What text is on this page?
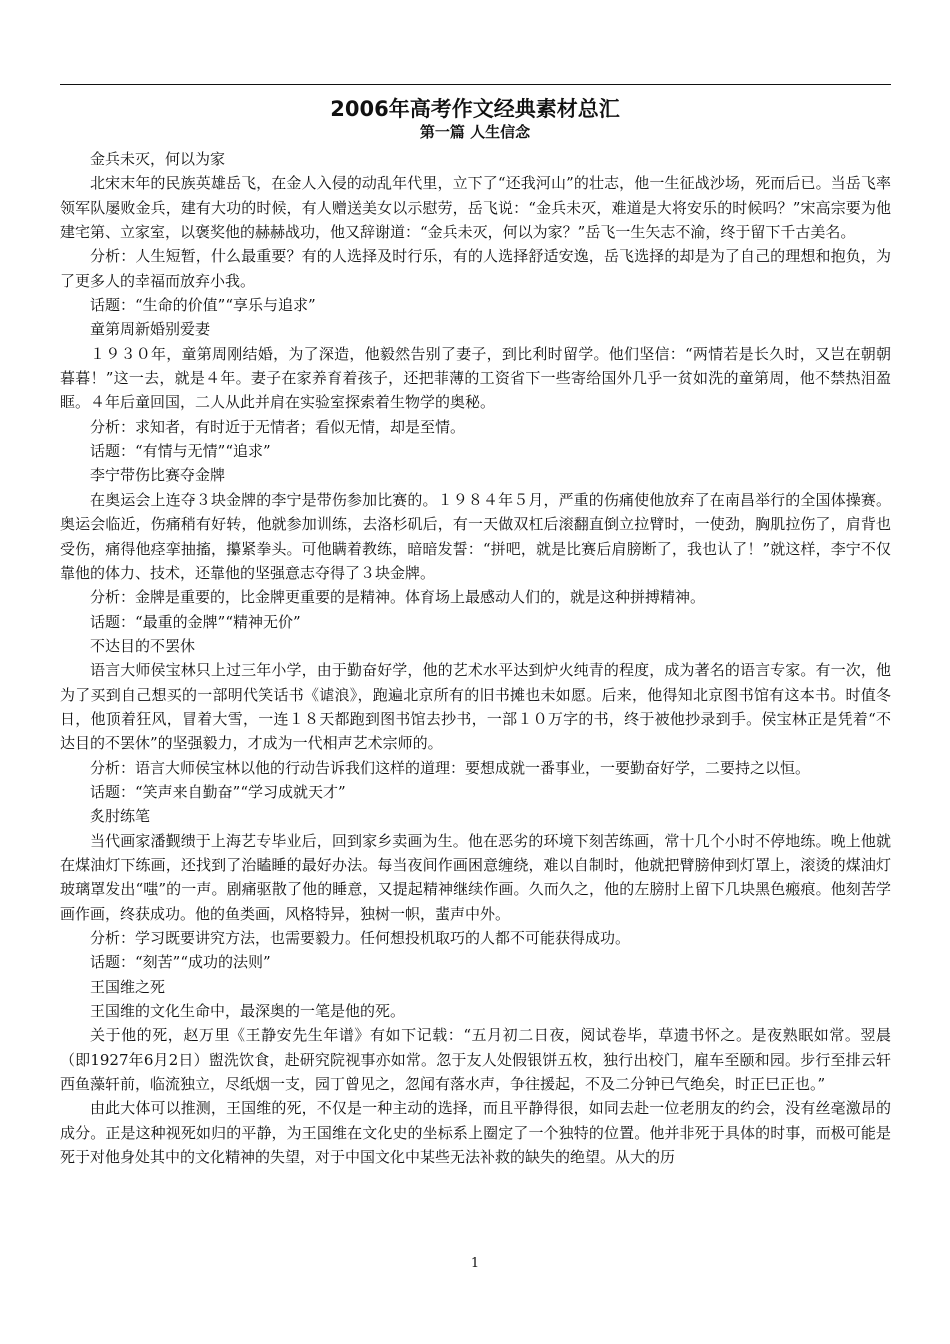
2006年高考作文经典素材总汇
第一篇 人生信念

金兵未灭，何以为家

北宋末年的民族英雄岳飞，在金人入侵的动乱年代里，立下了“还我河山”的壮志，他一生征战沙场，死而后已。当岳飞率领军队屡败金兵，建有大功的时候，有人赠送美女以示慰劳，岳飞说：“金兵未灭，难道是大将安乐的时候吗？”宋高宗要为他建宅第、立家室，以褒奖他的赫赫战功，他又辞谢道：“金兵未灭，何以为家？”岳飞一生矢志不渝，终于留下千古美名。

分析：人生短暂，什么最重要？有的人选择及时行乐，有的人选择舒适安逸，岳飞选择的却是为了自己的理想和抱负，为了更多人的幸福而放弃小我。

话题：“生命的价值”“享乐与追求”

童第周新婚别爱妻

１９３０年，童第周刚结婚，为了深造，他毅然告别了妻子，到比利时留学。他们坚信：“两情若是长久时，又岂在朝朝暮暮！”这一去，就是４年。妻子在家养育着孩子，还把菲薄的工资省下一些寄给国外几乎一贫如洗的童第周，他不禁热泪盈眶。４年后童回国，二人从此并肩在实验室探索着生物学的奥秘。

分析：求知者，有时近于无情者；看似无情，却是至情。

话题：“有情与无情”“追求”

李宁带伤比赛夺金牌

在奥运会上连夺３块金牌的李宁是带伤参加比赛的。１９８４年５月，严重的伤痛使他放弃了在南昌举行的全国体操赛。奥运会临近，伤痛稍有好转，他就参加训练，去洛杉矶后，有一天做双杠后滚翻直倒立拉臂时，一使劲，胸肌拉伤了，肩背也受伤，痛得他痉挛抽搐，攥紧拳头。可他瞒着教练，暗暗发誓：“拼吧，就是比赛后肩膀断了，我也认了！”就这样，李宁不仅靠他的体力、技术，还靠他的坚强意志夺得了３块金牌。

分析：金牌是重要的，比金牌更重要的是精神。体育场上最感动人们的，就是这种拼搏精神。

话题：“最重的金牌”“精神无价”

不达目的不罢休

语言大师侯宝林只上过三年小学，由于勤奋好学，他的艺术水平达到炉火纯青的程度，成为著名的语言专家。有一次，他为了买到自己想买的一部明代笑话书《谑浪》，跑遍北京所有的旧书摊也未如愿。后来，他得知北京图书馆有这本书。时值冬日，他顶着狂风，冒着大雪，一连１８天都跑到图书馆去抄书，一部１０万字的书，终于被他抄录到手。侯宝林正是凭着“不达目的不罢休”的坚强毅力，才成为一代相声艺术宗师的。

分析：语言大师侯宝林以他的行动告诉我们这样的道理：要想成就一番事业，一要勤奋好学，二要持之以恒。

话题：“笑声来自勤奋”“学习成就天才”

炙肘练笔

当代画家潘觐缋于上海艺专毕业后，回到家乡卖画为生。他在恶劣的环境下刻苦练画，常十几个小时不停地练。晚上他就在煤油灯下练画，还找到了治瞌睡的最好办法。每当夜间作画困意缠绕，难以自制时，他就把臂膀伸到灯罩上，滚烫的煤油灯玻璃罩发出“嗤”的一声。剧痛驱散了他的睡意，又提起精神继续作画。久而久之，他的左膀肘上留下几块黑色瘢痕。他刻苦学画作画，终获成功。他的鱼类画，风格特异，独树一帜，蜚声中外。

分析：学习既要讲究方法，也需要毅力。任何想投机取巧的人都不可能获得成功。

话题：“刻苦”“成功的法则”

王国维之死

王国维的文化生命中，最深奥的一笔是他的死。

关于他的死，赵万里《王静安先生年谱》有如下记载：“五月初二日夜，阅试卷毕，草遗书怀之。是夜熟眠如常。翌晨（即1927年6月2日）盥洗饮食，赴研究院视事亦如常。忽于友人处假银饼五枚，独行出校门，雇车至颐和园。步行至排云轩西鱼藻轩前，临流独立，尽纸烟一支，园丁曾见之，忽闻有落水声，争往援起，不及二分钟已气绝矣，时正巳正也。”

由此大体可以推测，王国维的死，不仅是一种主动的选择，而且平静得很，如同去赴一位老朋友的约会，没有丝毫激昂的成分。正是这种视死如归的平静，为王国维在文化史的坐标系上圈定了一个独特的位置。他并非死于具体的时事，而极可能是死于对他身处其中的文化精神的失望，对于中国文化中某些无法补救的缺失的绝望。从大的历

1
